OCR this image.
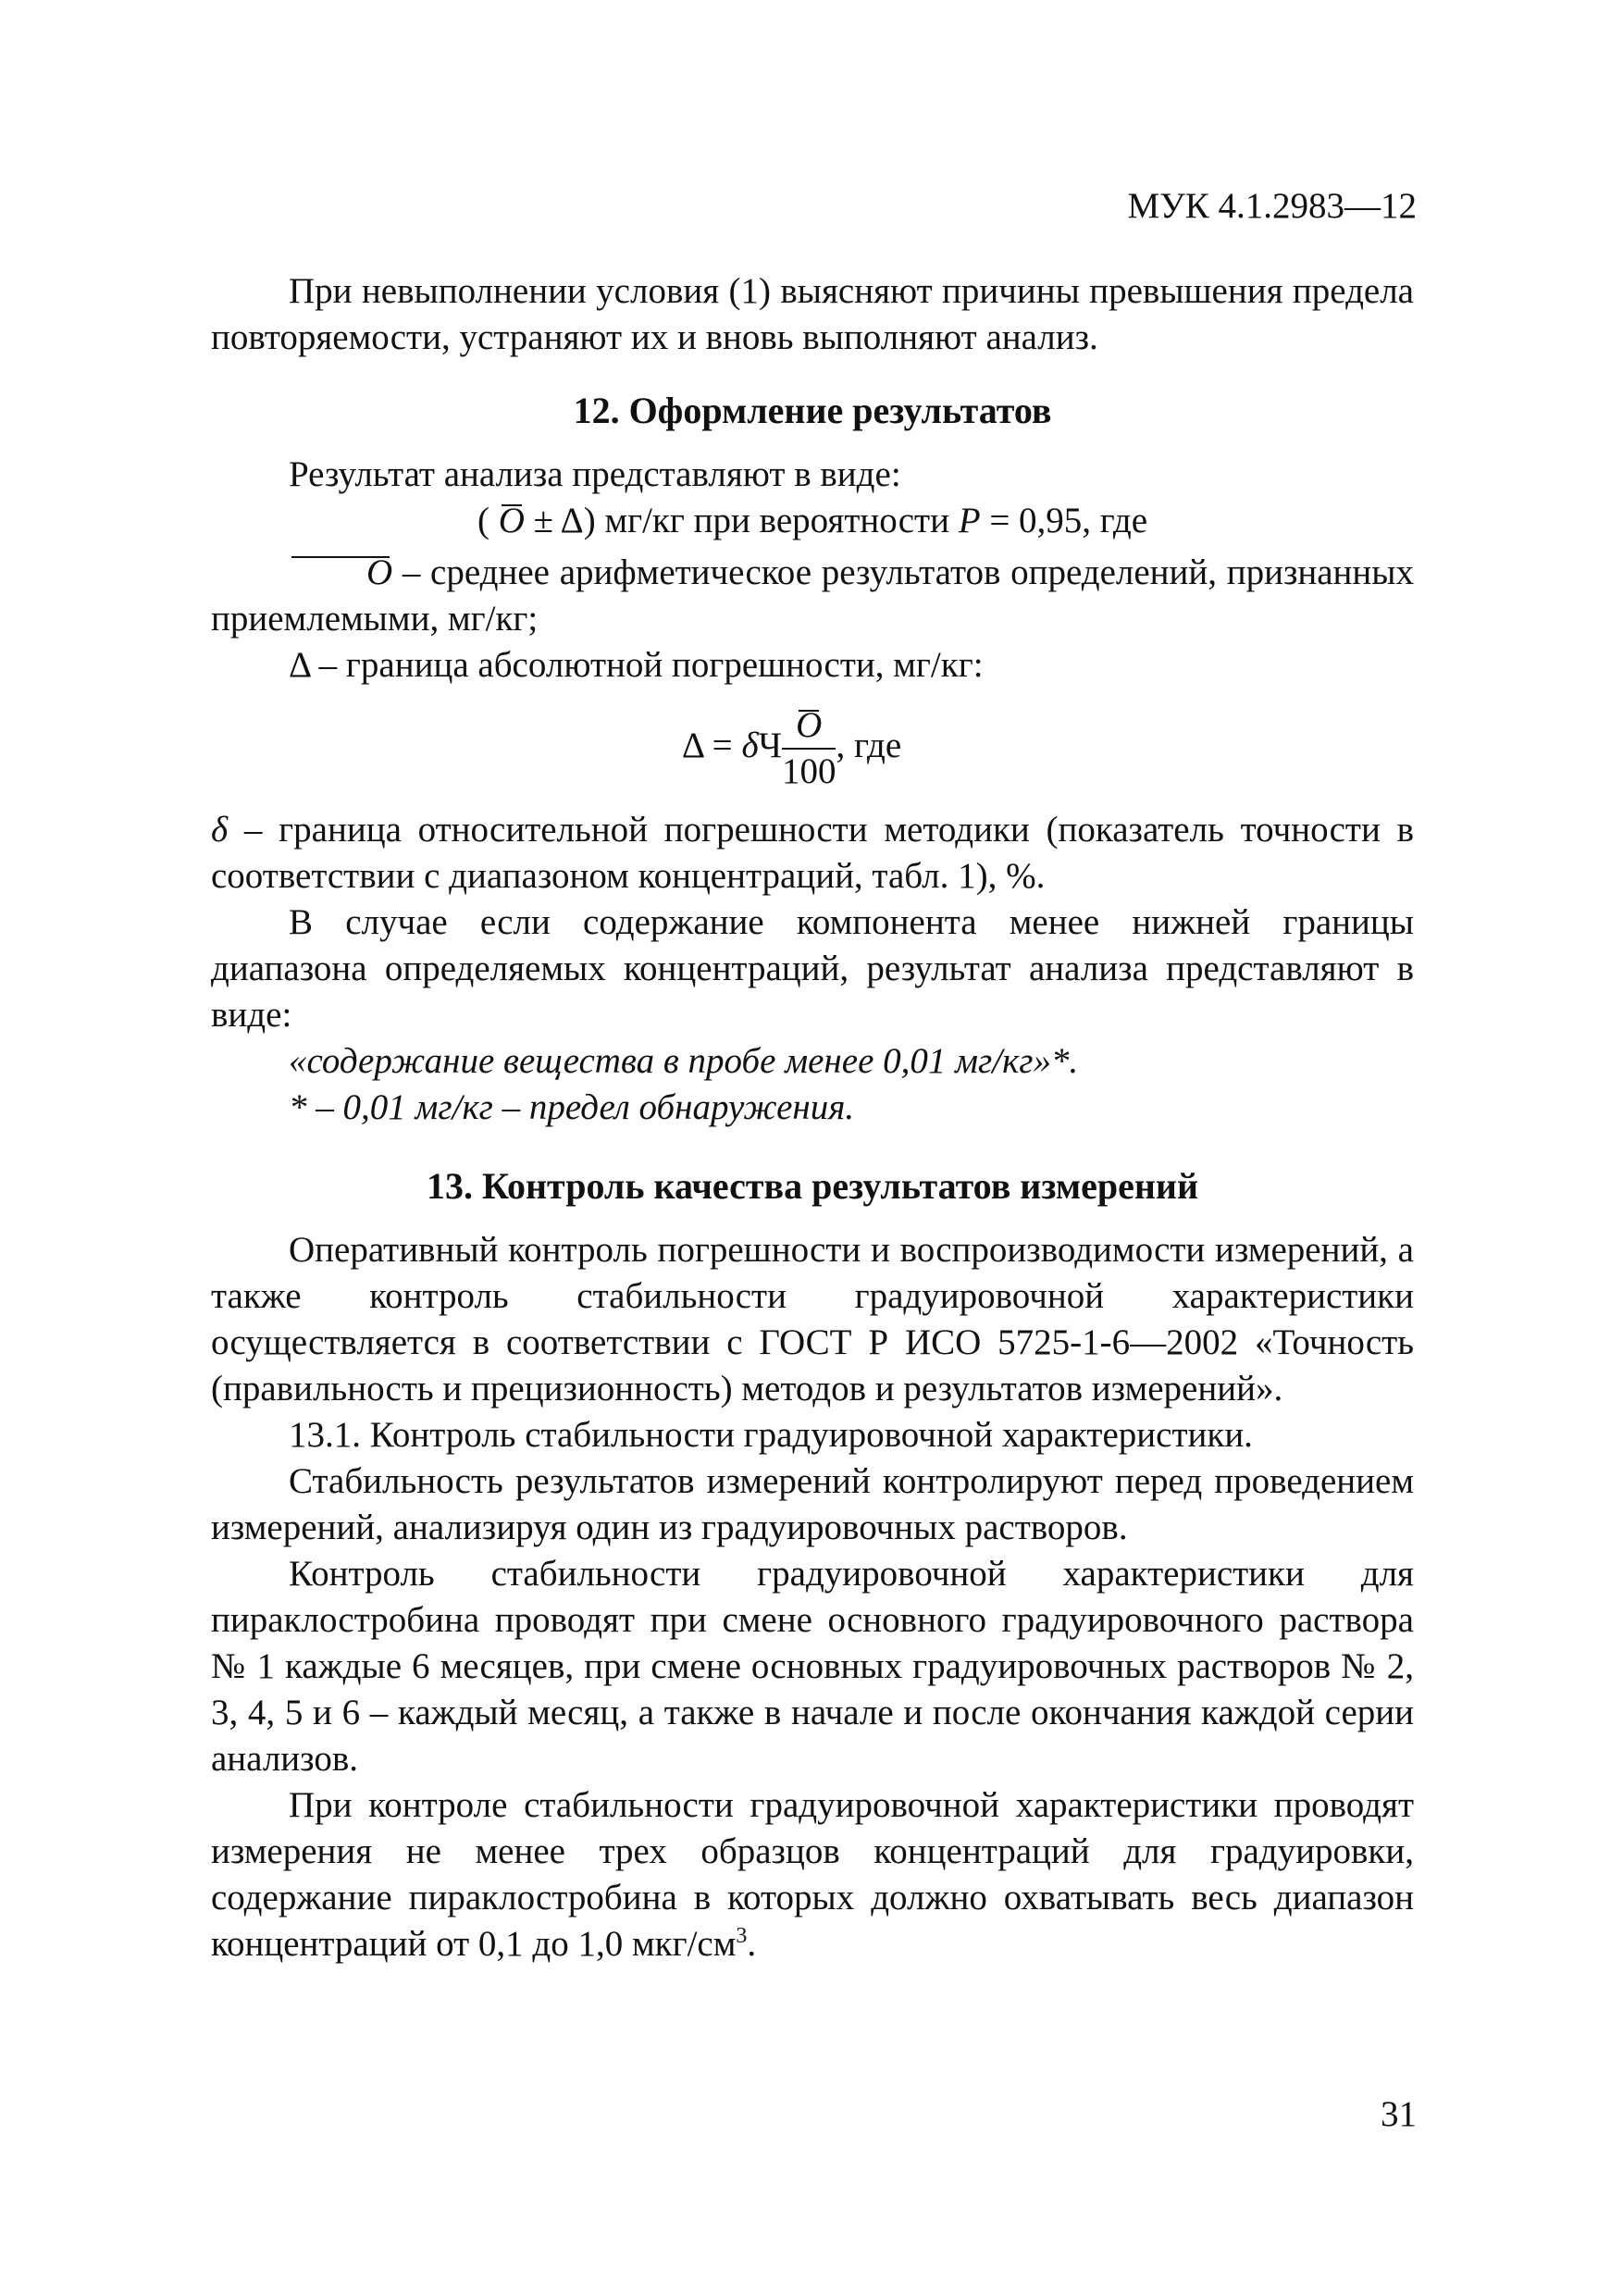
МУК 4.1.2983—12

При невыполнении условия (1) выясняют причины превышения предела повторяемости, устраняют их и вновь выполняют анализ.

12. Оформление результатов

Результат анализа представляют в виде:

(
О ± Δ) мг/кг при вероятности P = 0,95, где

О – среднее арифметическое результатов определений, признанных приемлемыми, мг/кг;

Δ – граница абсолютной погрешности, мг/кг:

Δ = δЧ $\frac{О}{100}$ , где

δ – граница относительной погрешности методики (показатель точности в соответствии с диапазоном концентраций, табл. 1), %.

В случае если содержание компонента менее нижней границы диапазона определяемых концентраций, результат анализа представляют в виде:

«содержание вещества в пробе менее 0,01 мг/кг»*.

* – 0,01 мг/кг – предел обнаружения.

13. Контроль качества результатов измерений

Оперативный контроль погрешности и воспроизводимости измерений, а также контроль стабильности градуировочной характеристики осуществляется в соответствии с ГОСТ Р ИСО 5725-1-6—2002 «Точность (правильность и прецизионность) методов и результатов измерений».

13.1. Контроль стабильности градуировочной характеристики.

Стабильность результатов измерений контролируют перед проведением измерений, анализируя один из градуировочных растворов.

Контроль стабильности градуировочной характеристики для пираклостробина проводят при смене основного градуировочного раствора № 1 каждые 6 месяцев, при смене основных градуировочных растворов № 2, 3, 4, 5 и 6 – каждый месяц, а также в начале и после окончания каждой серии анализов.

При контроле стабильности градуировочной характеристики проводят измерения не менее трех образцов концентраций для градуировки, содержание пираклостробина в которых должно охватывать весь диапазон концентраций от 0,1 до 1,0 мкг/$см^3$.

31
